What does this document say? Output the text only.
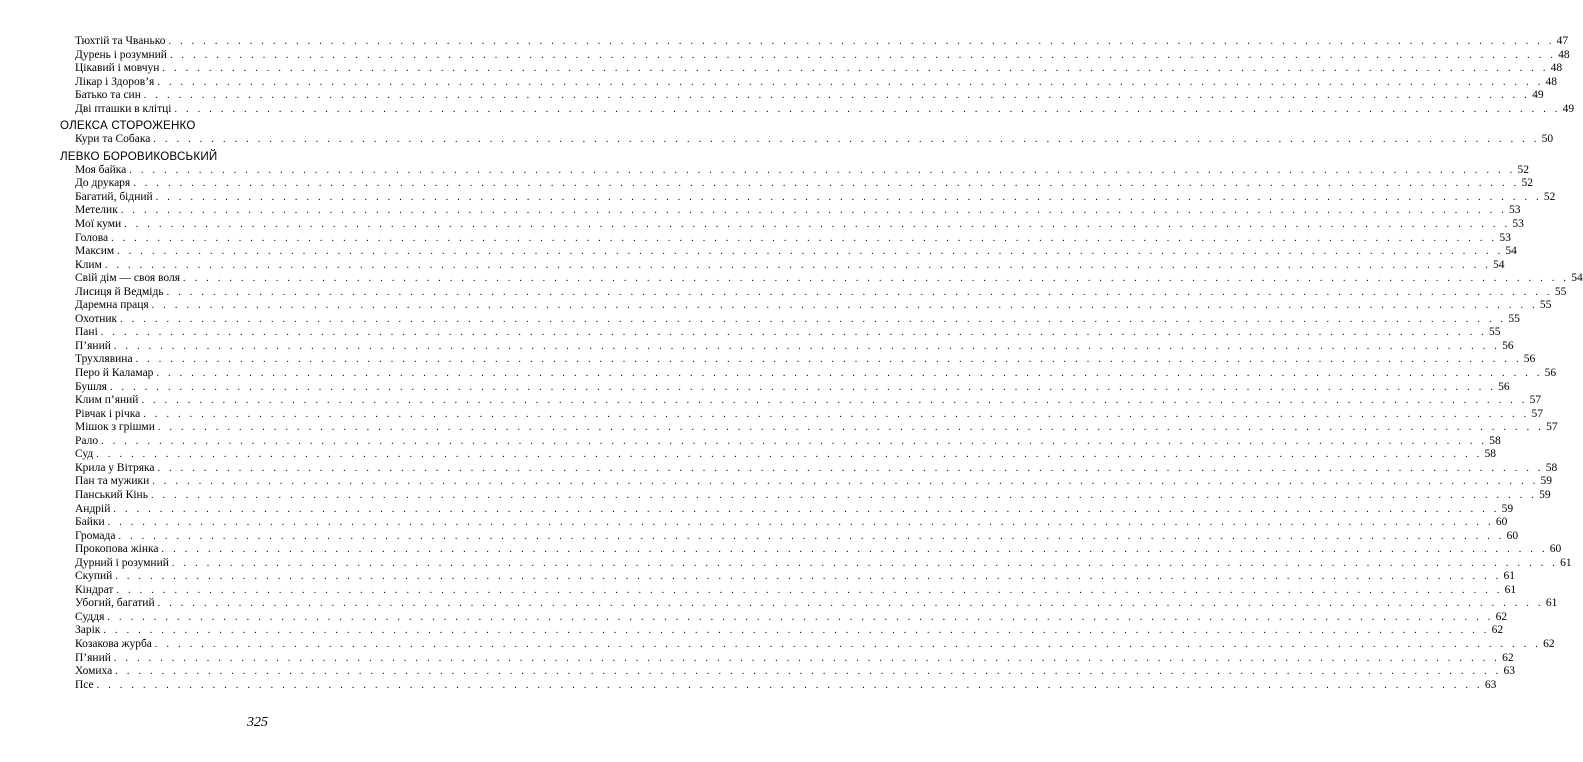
Тюхтій та Чванько . . . . . . . . . . . . . . . . . . . . . . . . . . . . . . . . . . . . . . . . . . . . . . . . . . . . . . . . . . . . . . . . . . . . . . . . . . . . . . . . . . . . . . . . . . . . . . . . . . . . . . . . . . . . . . . . . . . . . . . . 47
Дурень і розумний . . . . . . . . . . . . . . . . . . . . . . . . . . . . . . . . . . . . . . . . . . . . . . . . . . . . . . . . . . . . . . . . . . . . . . . . . . . . . . . . . . . . . . . . . . . . . . . . . . . . . . . . . . . . . . . . . . . . . . . . 48
Цікавий і мовчун . . . . . . . . . . . . . . . . . . . . . . . . . . . . . . . . . . . . . . . . . . . . . . . . . . . . . . . . . . . . . . . . . . . . . . . . . . . . . . . . . . . . . . . . . . . . . . . . . . . . . . . . . . . . . . . . . . . . . . . . 48
Лікар і Здоров’я . . . . . . . . . . . . . . . . . . . . . . . . . . . . . . . . . . . . . . . . . . . . . . . . . . . . . . . . . . . . . . . . . . . . . . . . . . . . . . . . . . . . . . . . . . . . . . . . . . . . . . . . . . . . . . . . . . . . . . . . 48
Батько та син . . . . . . . . . . . . . . . . . . . . . . . . . . . . . . . . . . . . . . . . . . . . . . . . . . . . . . . . . . . . . . . . . . . . . . . . . . . . . . . . . . . . . . . . . . . . . . . . . . . . . . . . . . . . . . . . . . . . . . . . 49
Дві пташки в клітці . . . . . . . . . . . . . . . . . . . . . . . . . . . . . . . . . . . . . . . . . . . . . . . . . . . . . . . . . . . . . . . . . . . . . . . . . . . . . . . . . . . . . . . . . . . . . . . . . . . . . . . . . . . . . . . . . . . . . . . . 49
ОЛЕКСА СТОРОЖЕНКО
Кури та Собака . . . . . . . . . . . . . . . . . . . . . . . . . . . . . . . . . . . . . . . . . . . . . . . . . . . . . . . . . . . . . . . . . . . . . . . . . . . . . . . . . . . . . . . . . . . . . . . . . . . . . . . . . . . . . . . . . . . . . . . . 50
ЛЕВКО БОРОВИКОВСЬКИЙ
Моя байка . . . . . . . . . . . . . . . . . . . . . . . . . . . . . . . . . . . . . . . . . . . . . . . . . . . . . . . . . . . . . . . . . . . . . . . . . . . . . . . . . . . . . . . . . . . . . . . . . . . . . . . . . . . . . . . . . . . . . . . . 52
До друкаря . . . . . . . . . . . . . . . . . . . . . . . . . . . . . . . . . . . . . . . . . . . . . . . . . . . . . . . . . . . . . . . . . . . . . . . . . . . . . . . . . . . . . . . . . . . . . . . . . . . . . . . . . . . . . . . . . . . . . . . . 52
Багатий, бідний . . . . . . . . . . . . . . . . . . . . . . . . . . . . . . . . . . . . . . . . . . . . . . . . . . . . . . . . . . . . . . . . . . . . . . . . . . . . . . . . . . . . . . . . . . . . . . . . . . . . . . . . . . . . . . . . . . . . . . . . 52
Метелик . . . . . . . . . . . . . . . . . . . . . . . . . . . . . . . . . . . . . . . . . . . . . . . . . . . . . . . . . . . . . . . . . . . . . . . . . . . . . . . . . . . . . . . . . . . . . . . . . . . . . . . . . . . . . . . . . . . . . . . . 53
Мої куми . . . . . . . . . . . . . . . . . . . . . . . . . . . . . . . . . . . . . . . . . . . . . . . . . . . . . . . . . . . . . . . . . . . . . . . . . . . . . . . . . . . . . . . . . . . . . . . . . . . . . . . . . . . . . . . . . . . . . . . . 53
Голова . . . . . . . . . . . . . . . . . . . . . . . . . . . . . . . . . . . . . . . . . . . . . . . . . . . . . . . . . . . . . . . . . . . . . . . . . . . . . . . . . . . . . . . . . . . . . . . . . . . . . . . . . . . . . . . . . . . . . . . . 53
Максим . . . . . . . . . . . . . . . . . . . . . . . . . . . . . . . . . . . . . . . . . . . . . . . . . . . . . . . . . . . . . . . . . . . . . . . . . . . . . . . . . . . . . . . . . . . . . . . . . . . . . . . . . . . . . . . . . . . . . . . . 54
Клим . . . . . . . . . . . . . . . . . . . . . . . . . . . . . . . . . . . . . . . . . . . . . . . . . . . . . . . . . . . . . . . . . . . . . . . . . . . . . . . . . . . . . . . . . . . . . . . . . . . . . . . . . . . . . . . . . . . . . . . . 54
Свій дім — своя воля . . . . . . . . . . . . . . . . . . . . . . . . . . . . . . . . . . . . . . . . . . . . . . . . . . . . . . . . . . . . . . . . . . . . . . . . . . . . . . . . . . . . . . . . . . . . . . . . . . . . . . . . . . . . . . . . . . . . . . . . 54
Лисиця й Ведмідь . . . . . . . . . . . . . . . . . . . . . . . . . . . . . . . . . . . . . . . . . . . . . . . . . . . . . . . . . . . . . . . . . . . . . . . . . . . . . . . . . . . . . . . . . . . . . . . . . . . . . . . . . . . . . . . . . . . . . . . . 55
Даремна праця . . . . . . . . . . . . . . . . . . . . . . . . . . . . . . . . . . . . . . . . . . . . . . . . . . . . . . . . . . . . . . . . . . . . . . . . . . . . . . . . . . . . . . . . . . . . . . . . . . . . . . . . . . . . . . . . . . . . . . . . 55
Охотник . . . . . . . . . . . . . . . . . . . . . . . . . . . . . . . . . . . . . . . . . . . . . . . . . . . . . . . . . . . . . . . . . . . . . . . . . . . . . . . . . . . . . . . . . . . . . . . . . . . . . . . . . . . . . . . . . . . . . . . . 55
Пані . . . . . . . . . . . . . . . . . . . . . . . . . . . . . . . . . . . . . . . . . . . . . . . . . . . . . . . . . . . . . . . . . . . . . . . . . . . . . . . . . . . . . . . . . . . . . . . . . . . . . . . . . . . . . . . . . . . . . . . . 55
П’яний . . . . . . . . . . . . . . . . . . . . . . . . . . . . . . . . . . . . . . . . . . . . . . . . . . . . . . . . . . . . . . . . . . . . . . . . . . . . . . . . . . . . . . . . . . . . . . . . . . . . . . . . . . . . . . . . . . . . . . . . 56
Трухлявина . . . . . . . . . . . . . . . . . . . . . . . . . . . . . . . . . . . . . . . . . . . . . . . . . . . . . . . . . . . . . . . . . . . . . . . . . . . . . . . . . . . . . . . . . . . . . . . . . . . . . . . . . . . . . . . . . . . . . . . . 56
Перо й Каламар . . . . . . . . . . . . . . . . . . . . . . . . . . . . . . . . . . . . . . . . . . . . . . . . . . . . . . . . . . . . . . . . . . . . . . . . . . . . . . . . . . . . . . . . . . . . . . . . . . . . . . . . . . . . . . . . . . . . . . . . 56
Бушля . . . . . . . . . . . . . . . . . . . . . . . . . . . . . . . . . . . . . . . . . . . . . . . . . . . . . . . . . . . . . . . . . . . . . . . . . . . . . . . . . . . . . . . . . . . . . . . . . . . . . . . . . . . . . . . . . . . . . . . . 56
Клим п’яний . . . . . . . . . . . . . . . . . . . . . . . . . . . . . . . . . . . . . . . . . . . . . . . . . . . . . . . . . . . . . . . . . . . . . . . . . . . . . . . . . . . . . . . . . . . . . . . . . . . . . . . . . . . . . . . . . . . . . . . . 57
Рівчак і річка . . . . . . . . . . . . . . . . . . . . . . . . . . . . . . . . . . . . . . . . . . . . . . . . . . . . . . . . . . . . . . . . . . . . . . . . . . . . . . . . . . . . . . . . . . . . . . . . . . . . . . . . . . . . . . . . . . . . . . . . 57
Мішок з грішми . . . . . . . . . . . . . . . . . . . . . . . . . . . . . . . . . . . . . . . . . . . . . . . . . . . . . . . . . . . . . . . . . . . . . . . . . . . . . . . . . . . . . . . . . . . . . . . . . . . . . . . . . . . . . . . . . . . . . . . . 57
Рало . . . . . . . . . . . . . . . . . . . . . . . . . . . . . . . . . . . . . . . . . . . . . . . . . . . . . . . . . . . . . . . . . . . . . . . . . . . . . . . . . . . . . . . . . . . . . . . . . . . . . . . . . . . . . . . . . . . . . . . . 58
Суд . . . . . . . . . . . . . . . . . . . . . . . . . . . . . . . . . . . . . . . . . . . . . . . . . . . . . . . . . . . . . . . . . . . . . . . . . . . . . . . . . . . . . . . . . . . . . . . . . . . . . . . . . . . . . . . . . . . . . . . . 58
Крила у Вітряка . . . . . . . . . . . . . . . . . . . . . . . . . . . . . . . . . . . . . . . . . . . . . . . . . . . . . . . . . . . . . . . . . . . . . . . . . . . . . . . . . . . . . . . . . . . . . . . . . . . . . . . . . . . . . . . . . . . . . . . . 58
Пан та мужики . . . . . . . . . . . . . . . . . . . . . . . . . . . . . . . . . . . . . . . . . . . . . . . . . . . . . . . . . . . . . . . . . . . . . . . . . . . . . . . . . . . . . . . . . . . . . . . . . . . . . . . . . . . . . . . . . . . . . . . . 59
Панський Кінь . . . . . . . . . . . . . . . . . . . . . . . . . . . . . . . . . . . . . . . . . . . . . . . . . . . . . . . . . . . . . . . . . . . . . . . . . . . . . . . . . . . . . . . . . . . . . . . . . . . . . . . . . . . . . . . . . . . . . . . . 59
Андрій . . . . . . . . . . . . . . . . . . . . . . . . . . . . . . . . . . . . . . . . . . . . . . . . . . . . . . . . . . . . . . . . . . . . . . . . . . . . . . . . . . . . . . . . . . . . . . . . . . . . . . . . . . . . . . . . . . . . . . . . 59
Байки . . . . . . . . . . . . . . . . . . . . . . . . . . . . . . . . . . . . . . . . . . . . . . . . . . . . . . . . . . . . . . . . . . . . . . . . . . . . . . . . . . . . . . . . . . . . . . . . . . . . . . . . . . . . . . . . . . . . . . . . 60
Громада . . . . . . . . . . . . . . . . . . . . . . . . . . . . . . . . . . . . . . . . . . . . . . . . . . . . . . . . . . . . . . . . . . . . . . . . . . . . . . . . . . . . . . . . . . . . . . . . . . . . . . . . . . . . . . . . . . . . . . . . 60
Прокопова жінка . . . . . . . . . . . . . . . . . . . . . . . . . . . . . . . . . . . . . . . . . . . . . . . . . . . . . . . . . . . . . . . . . . . . . . . . . . . . . . . . . . . . . . . . . . . . . . . . . . . . . . . . . . . . . . . . . . . . . . . . 60
Дурний і розумний . . . . . . . . . . . . . . . . . . . . . . . . . . . . . . . . . . . . . . . . . . . . . . . . . . . . . . . . . . . . . . . . . . . . . . . . . . . . . . . . . . . . . . . . . . . . . . . . . . . . . . . . . . . . . . . . . . . . . . . . 61
Скупий . . . . . . . . . . . . . . . . . . . . . . . . . . . . . . . . . . . . . . . . . . . . . . . . . . . . . . . . . . . . . . . . . . . . . . . . . . . . . . . . . . . . . . . . . . . . . . . . . . . . . . . . . . . . . . . . . . . . . . . . 61
Кіндрат . . . . . . . . . . . . . . . . . . . . . . . . . . . . . . . . . . . . . . . . . . . . . . . . . . . . . . . . . . . . . . . . . . . . . . . . . . . . . . . . . . . . . . . . . . . . . . . . . . . . . . . . . . . . . . . . . . . . . . . . 61
Убогий, багатий . . . . . . . . . . . . . . . . . . . . . . . . . . . . . . . . . . . . . . . . . . . . . . . . . . . . . . . . . . . . . . . . . . . . . . . . . . . . . . . . . . . . . . . . . . . . . . . . . . . . . . . . . . . . . . . . . . . . . . . . 61
Суддя . . . . . . . . . . . . . . . . . . . . . . . . . . . . . . . . . . . . . . . . . . . . . . . . . . . . . . . . . . . . . . . . . . . . . . . . . . . . . . . . . . . . . . . . . . . . . . . . . . . . . . . . . . . . . . . . . . . . . . . . 62
Зарік . . . . . . . . . . . . . . . . . . . . . . . . . . . . . . . . . . . . . . . . . . . . . . . . . . . . . . . . . . . . . . . . . . . . . . . . . . . . . . . . . . . . . . . . . . . . . . . . . . . . . . . . . . . . . . . . . . . . . . . . 62
Козакова журба . . . . . . . . . . . . . . . . . . . . . . . . . . . . . . . . . . . . . . . . . . . . . . . . . . . . . . . . . . . . . . . . . . . . . . . . . . . . . . . . . . . . . . . . . . . . . . . . . . . . . . . . . . . . . . . . . . . . . . . . 62
П’яний . . . . . . . . . . . . . . . . . . . . . . . . . . . . . . . . . . . . . . . . . . . . . . . . . . . . . . . . . . . . . . . . . . . . . . . . . . . . . . . . . . . . . . . . . . . . . . . . . . . . . . . . . . . . . . . . . . . . . . . . 62
Хомиха . . . . . . . . . . . . . . . . . . . . . . . . . . . . . . . . . . . . . . . . . . . . . . . . . . . . . . . . . . . . . . . . . . . . . . . . . . . . . . . . . . . . . . . . . . . . . . . . . . . . . . . . . . . . . . . . . . . . . . . . 63
Псе . . . . . . . . . . . . . . . . . . . . . . . . . . . . . . . . . . . . . . . . . . . . . . . . . . . . . . . . . . . . . . . . . . . . . . . . . . . . . . . . . . . . . . . . . . . . . . . . . . . . . . . . . . . . . . . . . . . . . . . . 63
325
